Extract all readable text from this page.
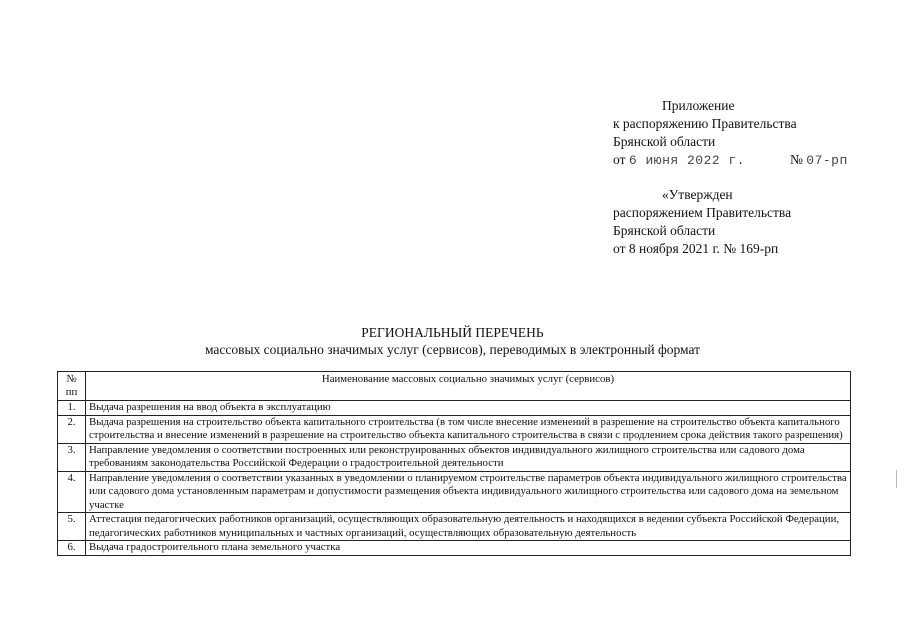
Приложение
к распоряжению Правительства
Брянской области
от 6 июня 2022 г.	№ 07-рп
«Утвержден
распоряжением Правительства
Брянской области
от 8 ноября 2021 г. № 169-рп
РЕГИОНАЛЬНЫЙ ПЕРЕЧЕНЬ
массовых социально значимых услуг (сервисов), переводимых в электронный формат
№ пп	Наименование массовых социально значимых услуг (сервисов)
1.	Выдача разрешения на ввод объекта в эксплуатацию
2.	Выдача разрешения на строительство объекта капитального строительства (в том числе внесение изменений в разрешение на строительство объекта капитального строительства и внесение изменений в разрешение на строительство объекта капитального строительства в связи с продлением срока действия такого разрешения)
3.	Направление уведомления о соответствии построенных или реконструированных объектов индивидуального жилищного строительства или садового дома требованиям законодательства Российской Федерации о градостроительной деятельности
4.	Направление уведомления о соответствии указанных в уведомлении о планируемом строительстве параметров объекта индивидуального жилищного строительства или садового дома установленным параметрам и допустимости размещения объекта индивидуального жилищного строительства или садового дома на земельном участке
5.	Аттестация педагогических работников организаций, осуществляющих образовательную деятельность и находящихся в ведении субъекта Российской Федерации, педагогических работников муниципальных и частных организаций, осуществляющих образовательную деятельность
6.	Выдача градостроительного плана земельного участка
